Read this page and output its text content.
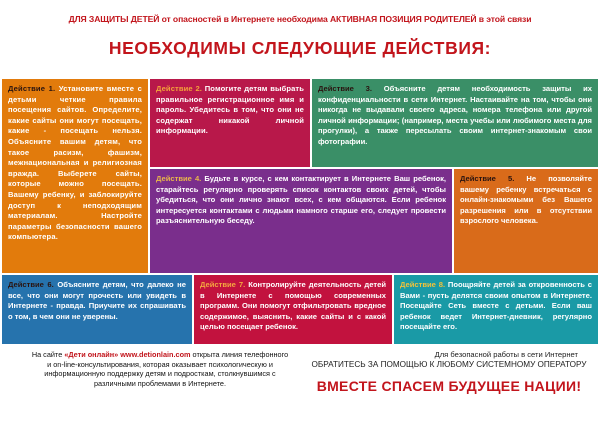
ДЛЯ ЗАЩИТЫ ДЕТЕЙ от опасностей в Интернете необходима АКТИВНАЯ ПОЗИЦИЯ РОДИТЕЛЕЙ в этой связи
НЕОБХОДИМЫ СЛЕДУЮЩИЕ ДЕЙСТВИЯ:
Действие 1. Установите вместе с детьми четкие правила посещения сайтов. Определите, какие сайты они могут посещать, какие - посещать нельзя. Объясните вашим детям, что такое расизм, фашизм, межнациональная и религиозная вражда. Выберете сайты, которые можно посещать. Вашему ребенку, и заблокируйте доступ к неподходящим материалам. Настройте параметры безопасности вашего компьютера.
Действие 2. Помогите детям выбрать правильное регистрационное имя и пароль. Убедитесь в том, что они не содержат никакой личной информации.
Действие 3. Объясните детям необходимость защиты их конфиденциальности в сети Интернет. Настаивайте на том, чтобы они никогда не выдавали своего адреса, номера телефона или другой личной информации; (например, места учебы или любимого места для прогулки), а также пересылать своим интернет-знакомым свои фотографии.
Действие 4. Будьте в курсе, с кем контактирует в Интернете Ваш ребенок, старайтесь регулярно проверять список контактов своих детей, чтобы убедиться, что они лично знают всех, с кем общаются. Если ребенок интересуется контактами с людьми намного старше его, следует провести разъяснительную беседу.
Действие 5. Не позволяйте вашему ребенку встречаться с онлайн-знакомыми без Вашего разрешения или в отсутствии взрослого человека.
Действие 6. Объясните детям, что далеко не все, что они могут прочесть или увидеть в Интернете - правда. Приучите их спрашивать о том, в чем они не уверены.
Действие 7. Контролируйте деятельность детей в Интернете с помощью современных программ. Они помогут отфильтровать вредное содержимое, выяснить, какие сайты и с какой целью посещает ребенок.
Действие 8. Поощряйте детей за откровенность с Вами - пусть делятся своим опытом в Интернете. Посещайте Сеть вместе с детьми. Если ваш ребенок ведет Интернет-дневник, регулярно посещайте его.
На сайте «Дети онлайн» www.detionlain.com открыта линия телефонного и on-line-консультирования, которая оказывает психологическую и информационную поддержку детям и подросткам, столкнувшимся с различными проблемами в Интернете.
Для безопасной работы в сети Интернет
ОБРАТИТЕСЬ ЗА ПОМОЩЬЮ К ЛЮБОМУ СИСТЕМНОМУ ОПЕРАТОРУ
ВМЕСТЕ СПАСЕМ БУДУЩЕЕ НАЦИИ!
